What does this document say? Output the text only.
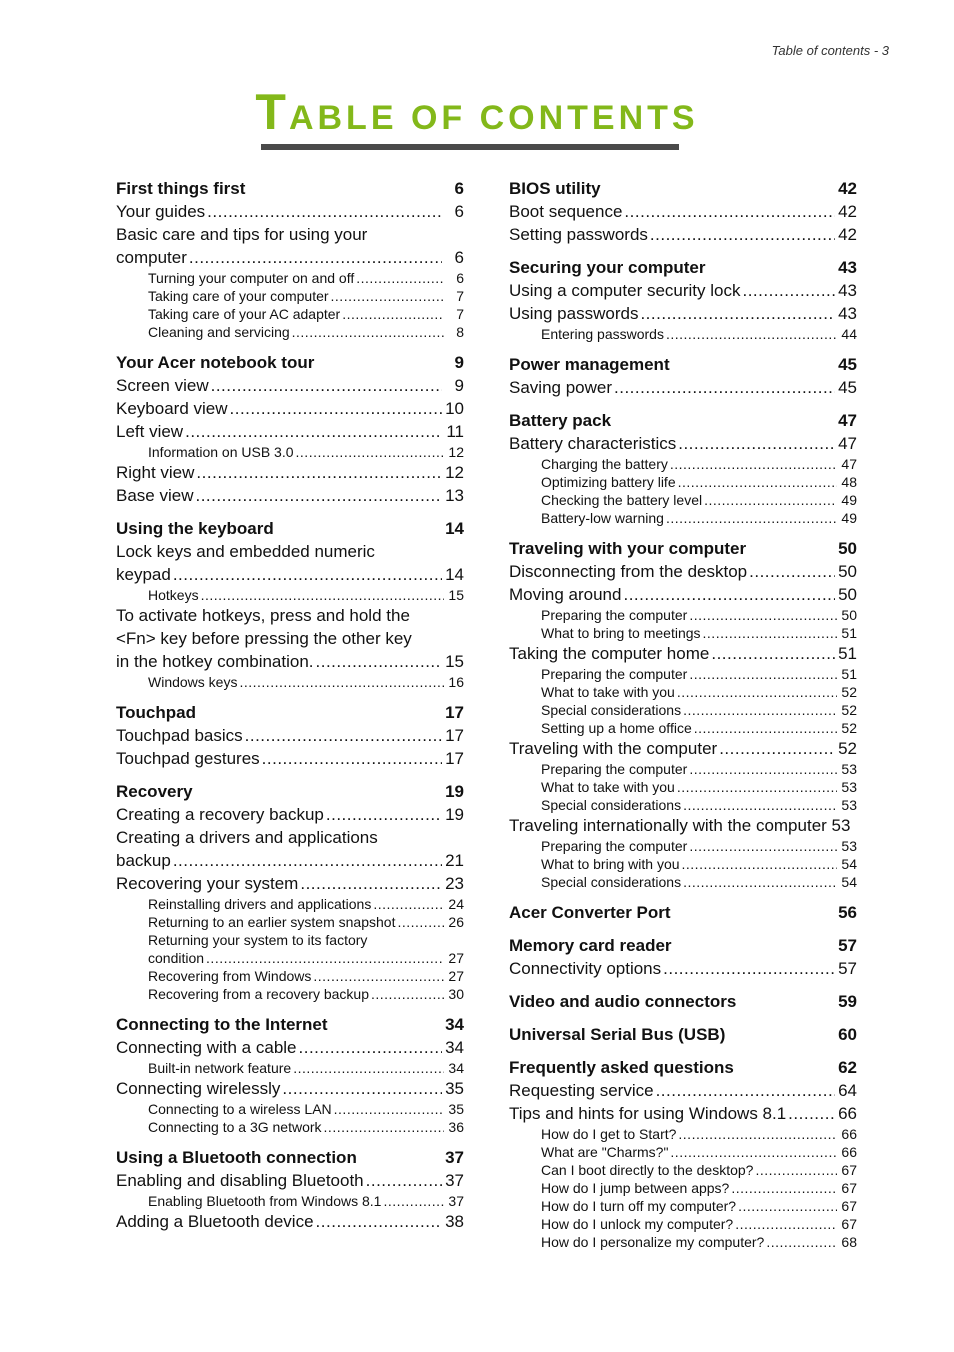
Table of contents - 3
TABLE OF CONTENTS
First things first	6
Your guides .....	6
Basic care and tips for using your
computer .....	6
Turning your computer on and off .....	6
Taking care of your computer .....	7
Taking care of your AC adapter .....	7
Cleaning and servicing .....	8
Your Acer notebook tour	9
Screen view .....	9
Keyboard view .....	10
Left view .....	11
Information on USB 3.0 .....	12
Right view .....	12
Base view .....	13
Using the keyboard	14
Lock keys and embedded numeric
keypad .....	14
Hotkeys .....	15
To activate hotkeys, press and hold the
<Fn> key before pressing the other key
in the hotkey combination. .....	15
Windows keys .....	16
Touchpad	17
Touchpad basics .....	17
Touchpad gestures .....	17
Recovery	19
Creating a recovery backup .....	19
Creating a drivers and applications
backup .....	21
Recovering your system .....	23
Reinstalling drivers and applications .....	24
Returning to an earlier system snapshot .....	26
Returning your system to its factory
condition .....	27
Recovering from Windows .....	27
Recovering from a recovery backup .....	30
Connecting to the Internet	34
Connecting with a cable .....	34
Built-in network feature .....	34
Connecting wirelessly .....	35
Connecting to a wireless LAN .....	35
Connecting to a 3G network .....	36
Using a Bluetooth connection	37
Enabling and disabling Bluetooth .....	37
Enabling Bluetooth from Windows 8.1 .....	37
Adding a Bluetooth device .....	38
BIOS utility	42
Boot sequence .....	42
Setting passwords .....	42
Securing your computer	43
Using a computer security lock .....	43
Using passwords .....	43
Entering passwords .....	44
Power management	45
Saving power .....	45
Battery pack	47
Battery characteristics .....	47
Charging the battery .....	47
Optimizing battery life .....	48
Checking the battery level .....	49
Battery-low warning .....	49
Traveling with your computer	50
Disconnecting from the desktop .....	50
Moving around .....	50
Preparing the computer .....	50
What to bring to meetings .....	51
Taking the computer home .....	51
Preparing the computer .....	51
What to take with you .....	52
Special considerations .....	52
Setting up a home office .....	52
Traveling with the computer .....	52
Preparing the computer .....	53
What to take with you .....	53
Special considerations .....	53
Traveling internationally with the computer 53
Preparing the computer .....	53
What to bring with you .....	54
Special considerations .....	54
Acer Converter Port	56
Memory card reader	57
Connectivity options .....	57
Video and audio connectors	59
Universal Serial Bus (USB)	60
Frequently asked questions	62
Requesting service .....	64
Tips and hints for using Windows 8.1 .....	66
How do I get to Start? .....	66
What are "Charms?" .....	66
Can I boot directly to the desktop? .....	67
How do I jump between apps? .....	67
How do I turn off my computer? .....	67
How do I unlock my computer? .....	67
How do I personalize my computer? .....	68
